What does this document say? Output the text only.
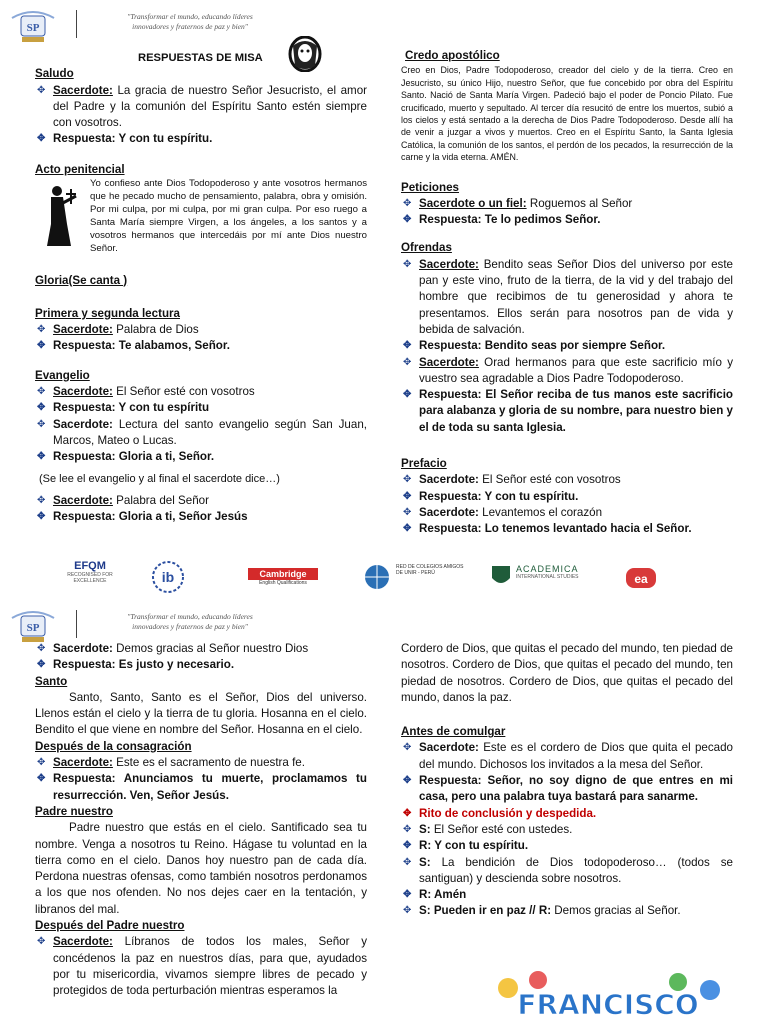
SP
"Transformar el mundo, educando líderes
innovadores y fraternos de paz y bien"

RESPUESTAS DE MISA

Saludo

✥ Sacerdote: La gracia de nuestro Señor Jesucristo, el amor del Padre y la comunión del Espíritu Santo estén siempre con vosotros.

✥ Respuesta: Y con tu espíritu.

Acto penitencial

Yo confieso ante Dios Todopoderoso y ante vosotros hermanos que he pecado mucho de pensamiento, palabra, obra y omisión. Por mi culpa, por mi culpa, por mi gran culpa. Por eso ruego a Santa María siempre Virgen, a los ángeles, a los santos y a vosotros hermanos que intercedáis por mí ante Dios nuestro Señor.

Gloria(Se canta )

Primera y segunda lectura

✥ Sacerdote: Palabra de Dios

✥ Respuesta: Te alabamos, Señor.

Evangelio

✥ Sacerdote: El Señor esté con vosotros

✥ Respuesta: Y con tu espíritu

✥ Sacerdote: Lectura del santo evangelio según San Juan, Marcos, Mateo o Lucas.

✥ Respuesta: Gloria a ti, Señor.

(Se lee el evangelio y al final el sacerdote dice…)

✥ Sacerdote: Palabra del Señor

✥ Respuesta: Gloria a ti, Señor Jesús

Credo apostólico

Creo en Dios, Padre Todopoderoso, creador del cielo y de la tierra. Creo en Jesucristo, su único Hijo, nuestro Señor, que fue concebido por obra del Espíritu Santo. Nació de Santa María Virgen. Padeció bajo el poder de Poncio Pilato. Fue crucificado, muerto y sepultado. Al tercer día resucitó de entre los muertos, subió a los cielos y está sentado a la derecha de Dios Padre Todopoderoso. Desde allí ha de venir a juzgar a vivos y muertos. Creo en el Espíritu Santo, la Santa Iglesia Católica, la comunión de los santos, el perdón de los pecados, la resurrección de la carne y la vida eterna. AMÉN.

Peticiones

✥ Sacerdote o un fiel: Roguemos al Señor

✥ Respuesta: Te lo pedimos Señor.

Ofrendas

✥ Sacerdote: Bendito seas Señor Dios del universo por este pan y este vino, fruto de la tierra, de la vid y del trabajo del hombre que recibimos de tu generosidad y ahora te presentamos. Ellos serán para nosotros pan de vida y bebida de salvación.

✥ Respuesta: Bendito seas por siempre Señor.

✥ Sacerdote: Orad hermanos para que este sacrificio mío y vuestro sea agradable a Dios Padre Todopoderoso.

✥ Respuesta: El Señor reciba de tus manos este sacrificio para alabanza y gloria de su nombre, para nuestro bien y el de toda su santa Iglesia.

Prefacio

✥ Sacerdote: El Señor esté con vosotros

✥ Respuesta: Y con tu espíritu.

✥ Sacerdote: Levantemos el corazón

✥ Respuesta: Lo tenemos levantado hacia el Señor.

EFQM
RECOGNISED FOR EXCELLENCE	ib	Cambridge
English Qualifications
RED DE COLEGIOS AMIGOS DE UNIR - PERÚ	ACADEMICA
INTERNATIONAL STUDIES	ea
SP
"Transformar el mundo, educando líderes
innovadores y fraternos de paz y bien"

✥ Sacerdote: Demos gracias al Señor nuestro Dios

✥ Respuesta: Es justo y necesario.

Santo

Santo, Santo, Santo es el Señor, Dios del universo. Llenos están el cielo y la tierra de tu gloria. Hosanna en el cielo. Bendito el que viene en nombre del Señor. Hosanna en el cielo.

Después de la consagración

✥ Sacerdote: Este es el sacramento de nuestra fe.

✥ Respuesta: Anunciamos tu muerte, proclamamos tu resurrección. Ven, Señor Jesús.

Padre nuestro

Padre nuestro que estás en el cielo. Santificado sea tu nombre. Venga a nosotros tu Reino. Hágase tu voluntad en la tierra como en el cielo. Danos hoy nuestro pan de cada día. Perdona nuestras ofensas, como también nosotros perdonamos a los que nos ofenden. No nos dejes caer en la tentación, y libranos del mal.

Después del Padre nuestro

✥ Sacerdote: Líbranos de todos los males, Señor y concédenos la paz en nuestros días, para que, ayudados por tu misericordia, vivamos siempre libres de pecado y protegidos de toda perturbación mientras esperamos la

Cordero de Dios, que quitas el pecado del mundo, ten piedad de nosotros. Cordero de Dios, que quitas el pecado del mundo, ten piedad de nosotros. Cordero de Dios, que quitas el pecado del mundo, danos la paz.

Antes de comulgar

✥ Sacerdote: Este es el cordero de Dios que quita el pecado del mundo. Dichosos los invitados a la mesa del Señor.

✥ Respuesta: Señor, no soy digno de que entres en mi casa, pero una palabra tuya bastará para sanarme.

✥ Rito de conclusión y despedida.

✥ S: El Señor esté con ustedes.

✥ R: Y con tu espíritu.

✥ S: La bendición de Dios todopoderoso… (todos se santiguan) y descienda sobre nosotros.

✥ R: Amén

✥ S: Pueden ir en paz // R: Demos gracias al Señor.

FRANCISCO
